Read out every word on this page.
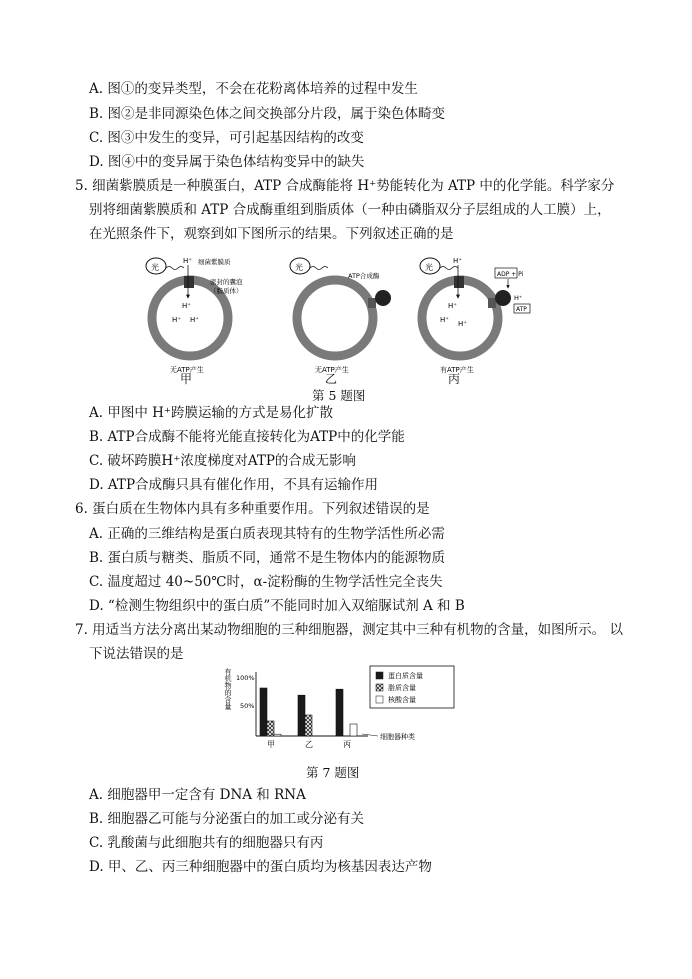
A. 图①的变异类型，不会在花粉离体培养的过程中发生
B. 图②是非同源染色体之间交换部分片段，属于染色体畸变
C. 图③中发生的变异，可引起基因结构的改变
D. 图④中的变异属于染色体结构变异中的缺失
5. 细菌紫膜质是一种膜蛋白，ATP 合成酶能将 H⁺势能转化为 ATP 中的化学能。科学家分
别将细菌紫膜质和 ATP 合成酶重组到脂质体（一种由磷脂双分子层组成的人工膜）上，
在光照条件下，观察到如下图所示的结果。下列叙述正确的是
光
H⁺
H⁺
H⁺ H⁺
细菌紫膜质
密封的囊泡
（脂质体）
无ATP产生
光
ATP合成酶
无ATP产生
光
H⁺
H⁺
H⁺ H⁺
ADP + Pi
H⁺
ATP
有ATP产生
甲	乙	丙
第 5 题图
A. 甲图中 H⁺跨膜运输的方式是易化扩散
B. ATP合成酶不能将光能直接转化为ATP中的化学能
C. 破坏跨膜H⁺浓度梯度对ATP的合成无影响
D. ATP合成酶只具有催化作用，不具有运输作用
6. 蛋白质在生物体内具有多种重要作用。下列叙述错误的是
A. 正确的三维结构是蛋白质表现其特有的生物学活性所必需
B. 蛋白质与糖类、脂质不同，通常不是生物体内的能源物质
C. 温度超过 40~50℃时，α-淀粉酶的生物学活性完全丧失
D. “检测生物组织中的蛋白质”不能同时加入双缩脲试剂 A 和 B
7. 用适当方法分离出某动物细胞的三种细胞器，测定其中三种有机物的含量，如图所示。 以
下说法错误的是
有机物的含量 100%
50%
甲	乙	丙
细胞器种类
蛋白质含量
脂质含量
核酸含量
第 7 题图
A. 细胞器甲一定含有 DNA 和 RNA
B. 细胞器乙可能与分泌蛋白的加工或分泌有关
C. 乳酸菌与此细胞共有的细胞器只有丙
D. 甲、乙、丙三种细胞器中的蛋白质均为核基因表达产物
